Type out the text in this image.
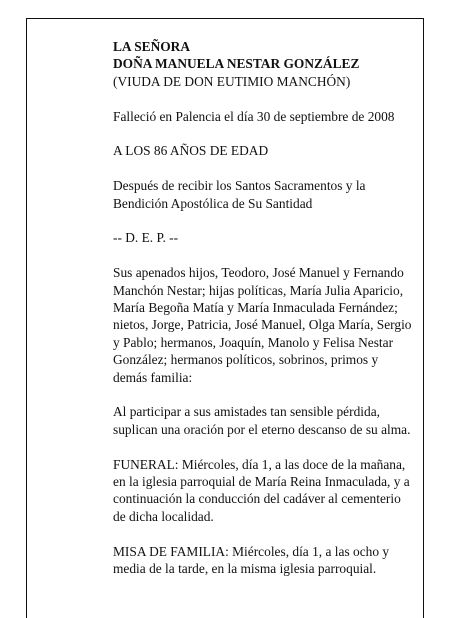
LA SEÑORA

DOÑA MANUELA NESTAR GONZÁLEZ

(VIUDA DE DON EUTIMIO MANCHÓN)

Falleció en Palencia el día 30 de septiembre de 2008

A LOS 86 AÑOS DE EDAD

Después de recibir los Santos Sacramentos y la

Bendición Apostólica de Su Santidad

-- D. E. P. --

Sus apenados hijos, Teodoro, José Manuel y Fernando

Manchón Nestar; hijas políticas, María Julia Aparicio,

María Begoña Matía y María Inmaculada Fernández;

nietos, Jorge, Patricia, José Manuel, Olga María, Sergio

y Pablo; hermanos, Joaquín, Manolo y Felisa Nestar

González; hermanos políticos, sobrinos, primos y

demás familia:

Al participar a sus amistades tan sensible pérdida,

suplican una oración por el eterno descanso de su alma.

FUNERAL: Miércoles, día 1, a las doce de la mañana,

en la iglesia parroquial de María Reina Inmaculada, y a

continuación la conducción del cadáver al cementerio

de dicha localidad.

MISA DE FAMILIA: Miércoles, día 1, a las ocho y

media de la tarde, en la misma iglesia parroquial.
